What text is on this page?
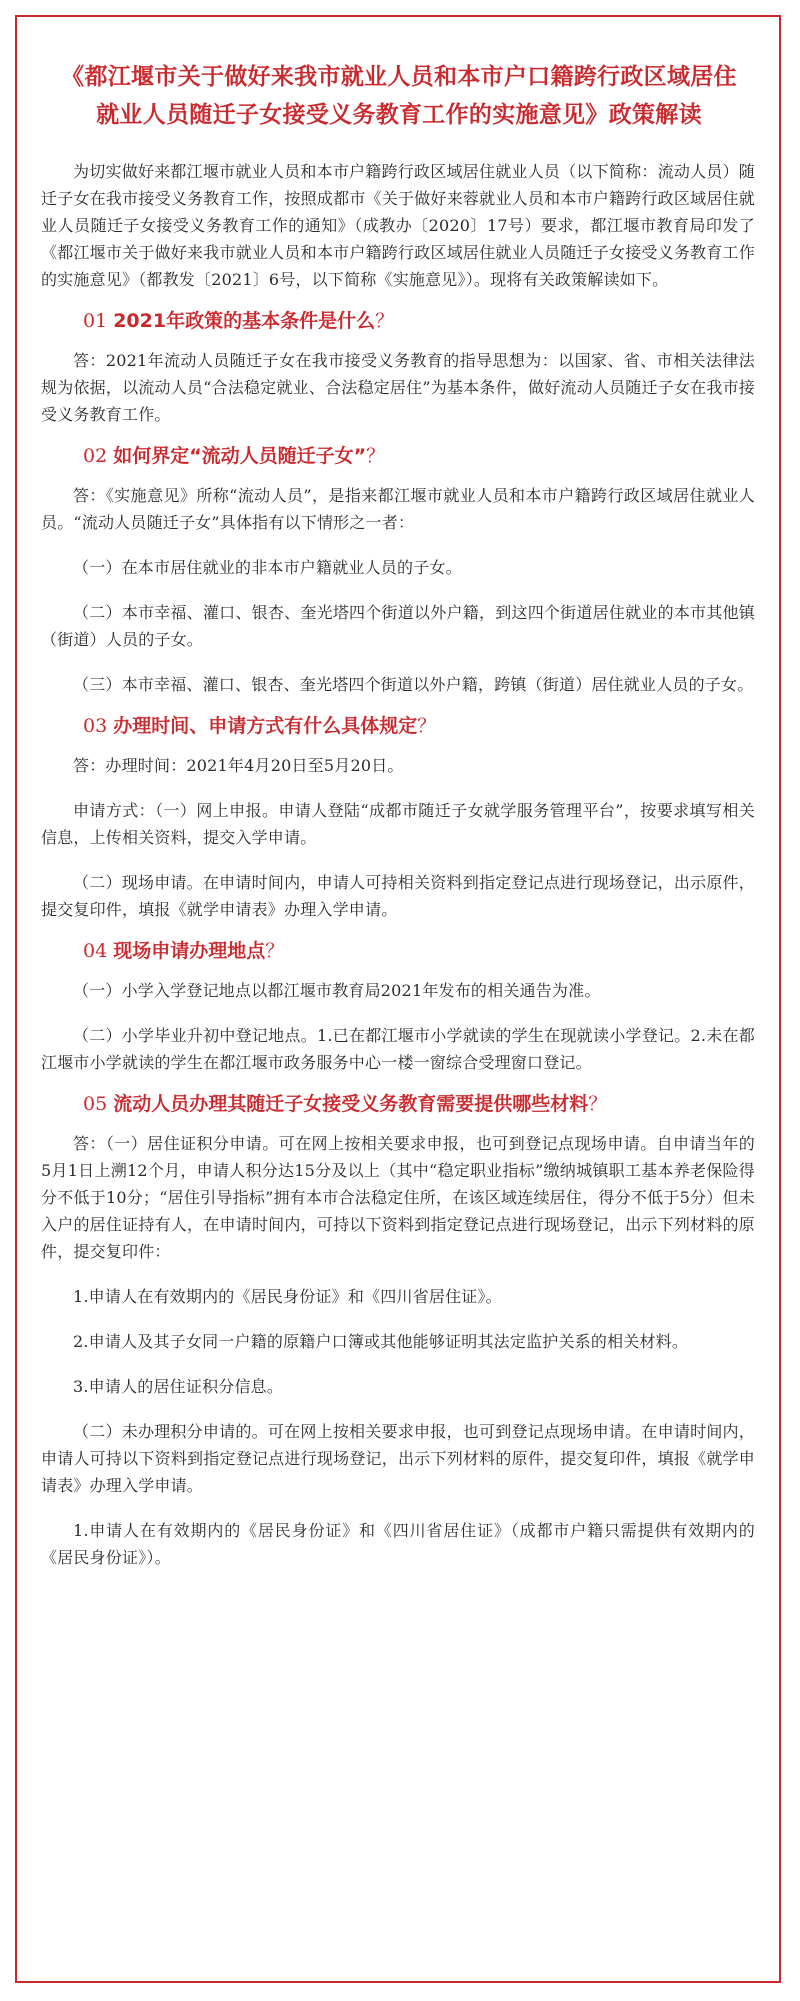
《都江堰市关于做好来我市就业人员和本市户口籍跨行政区域居住
就业人员随迁子女接受义务教育工作的实施意见》政策解读

为切实做好来都江堰市就业人员和本市户籍跨行政区域居住就业人员（以下简称：流动人员）随迁子女在我市接受义务教育工作，按照成都市《关于做好来蓉就业人员和本市户籍跨行政区域居住就业人员随迁子女接受义务教育工作的通知》（成教办〔2020〕17号）要求，都江堰市教育局印发了《都江堰市关于做好来我市就业人员和本市户籍跨行政区域居住就业人员随迁子女接受义务教育工作的实施意见》（都教发〔2021〕6号，以下简称《实施意见》）。现将有关政策解读如下。

01 2021年政策的基本条件是什么？

答：2021年流动人员随迁子女在我市接受义务教育的指导思想为：以国家、省、市相关法律法规为依据，以流动人员“合法稳定就业、合法稳定居住”为基本条件，做好流动人员随迁子女在我市接受义务教育工作。

02 如何界定“流动人员随迁子女”？

答：《实施意见》所称“流动人员”，是指来都江堰市就业人员和本市户籍跨行政区域居住就业人员。“流动人员随迁子女”具体指有以下情形之一者：

（一）在本市居住就业的非本市户籍就业人员的子女。

（二）本市幸福、灌口、银杏、奎光塔四个街道以外户籍，到这四个街道居住就业的本市其他镇（街道）人员的子女。

（三）本市幸福、灌口、银杏、奎光塔四个街道以外户籍，跨镇（街道）居住就业人员的子女。

03 办理时间、申请方式有什么具体规定？

答：办理时间：2021年4月20日至5月20日。

申请方式：（一）网上申报。申请人登陆“成都市随迁子女就学服务管理平台”，按要求填写相关信息，上传相关资料，提交入学申请。

（二）现场申请。在申请时间内，申请人可持相关资料到指定登记点进行现场登记，出示原件，提交复印件，填报《就学申请表》办理入学申请。

04 现场申请办理地点？

（一）小学入学登记地点以都江堰市教育局2021年发布的相关通告为准。

（二）小学毕业升初中登记地点。1.已在都江堰市小学就读的学生在现就读小学登记。2.未在都江堰市小学就读的学生在都江堰市政务服务中心一楼一窗综合受理窗口登记。

05 流动人员办理其随迁子女接受义务教育需要提供哪些材料？

答：（一）居住证积分申请。可在网上按相关要求申报，也可到登记点现场申请。自申请当年的5月1日上溯12个月，申请人积分达15分及以上（其中“稳定职业指标”缴纳城镇职工基本养老保险得分不低于10分；“居住引导指标”拥有本市合法稳定住所，在该区域连续居住，得分不低于5分）但未入户的居住证持有人，在申请时间内，可持以下资料到指定登记点进行现场登记，出示下列材料的原件，提交复印件：

1.申请人在有效期内的《居民身份证》和《四川省居住证》。

2.申请人及其子女同一户籍的原籍户口簿或其他能够证明其法定监护关系的相关材料。

3.申请人的居住证积分信息。

（二）未办理积分申请的。可在网上按相关要求申报，也可到登记点现场申请。在申请时间内，申请人可持以下资料到指定登记点进行现场登记，出示下列材料的原件，提交复印件，填报《就学申请表》办理入学申请。

1.申请人在有效期内的《居民身份证》和《四川省居住证》（成都市户籍只需提供有效期内的《居民身份证》）。
